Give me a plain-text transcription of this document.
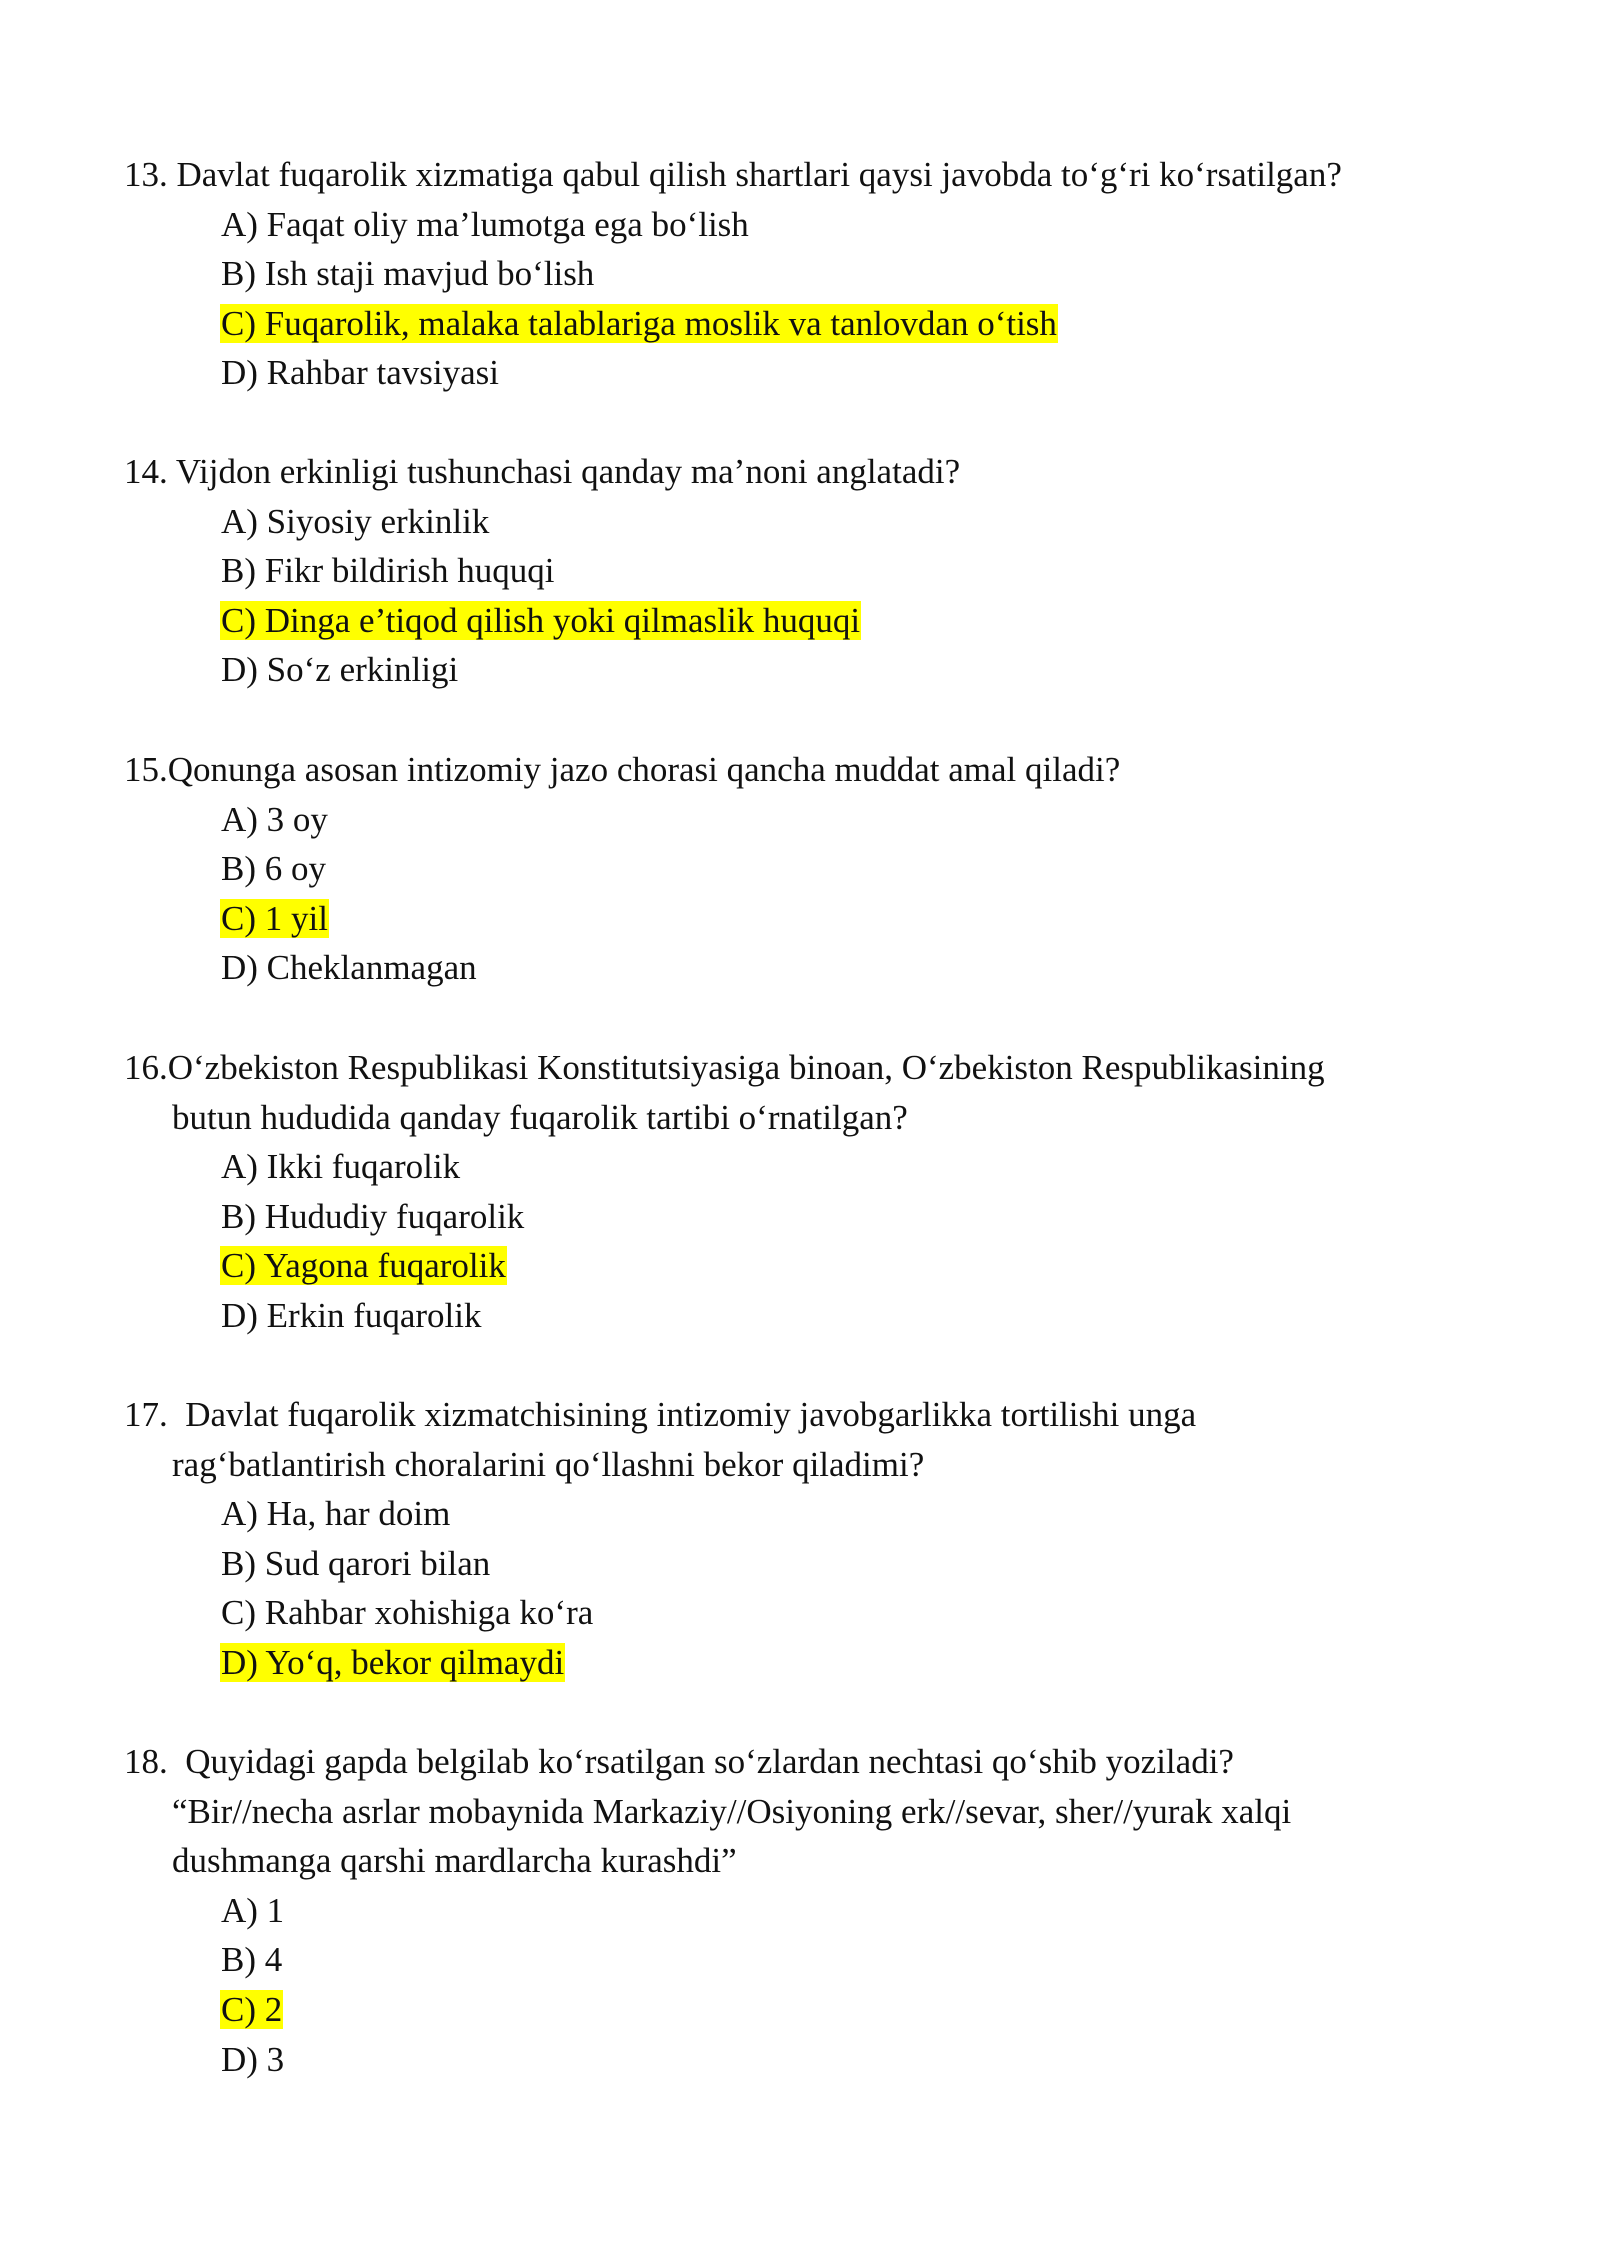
13. Davlat fuqarolik xizmatiga qabul qilish shartlari qaysi javobda to‘g‘ri ko‘rsatilgan?
A) Faqat oliy ma’lumotga ega bo‘lish
B) Ish staji mavjud bo‘lish
C) Fuqarolik, malaka talablariga moslik va tanlovdan o‘tish
D) Rahbar tavsiyasi
14. Vijdon erkinligi tushunchasi qanday ma’noni anglatadi?
A) Siyosiy erkinlik
B) Fikr bildirish huquqi
C) Dinga e’tiqod qilish yoki qilmaslik huquqi
D) So‘z erkinligi
15.Qonunga asosan intizomiy jazo chorasi qancha muddat amal qiladi?
A) 3 oy
B) 6 oy
C) 1 yil
D) Cheklanmagan
16.O‘zbekiston Respublikasi Konstitutsiyasiga binoan, O‘zbekiston Respublikasining
butun hududida qanday fuqarolik tartibi o‘rnatilgan?
A) Ikki fuqarolik
B) Hududiy fuqarolik
C) Yagona fuqarolik
D) Erkin fuqarolik
17. Davlat fuqarolik xizmatchisining intizomiy javobgarlikka tortilishi unga
rag‘batlantirish choralarini qo‘llashni bekor qiladimi?
A) Ha, har doim
B) Sud qarori bilan
C) Rahbar xohishiga ko‘ra
D) Yo‘q, bekor qilmaydi
18. Quyidagi gapda belgilab ko‘rsatilgan so‘zlardan nechtasi qo‘shib yoziladi?
“Bir//necha asrlar mobaynida Markaziy//Osiyoning erk//sevar, sher//yurak xalqi
dushmanga qarshi mardlarcha kurashdi”
A) 1
B) 4
C) 2
D) 3
